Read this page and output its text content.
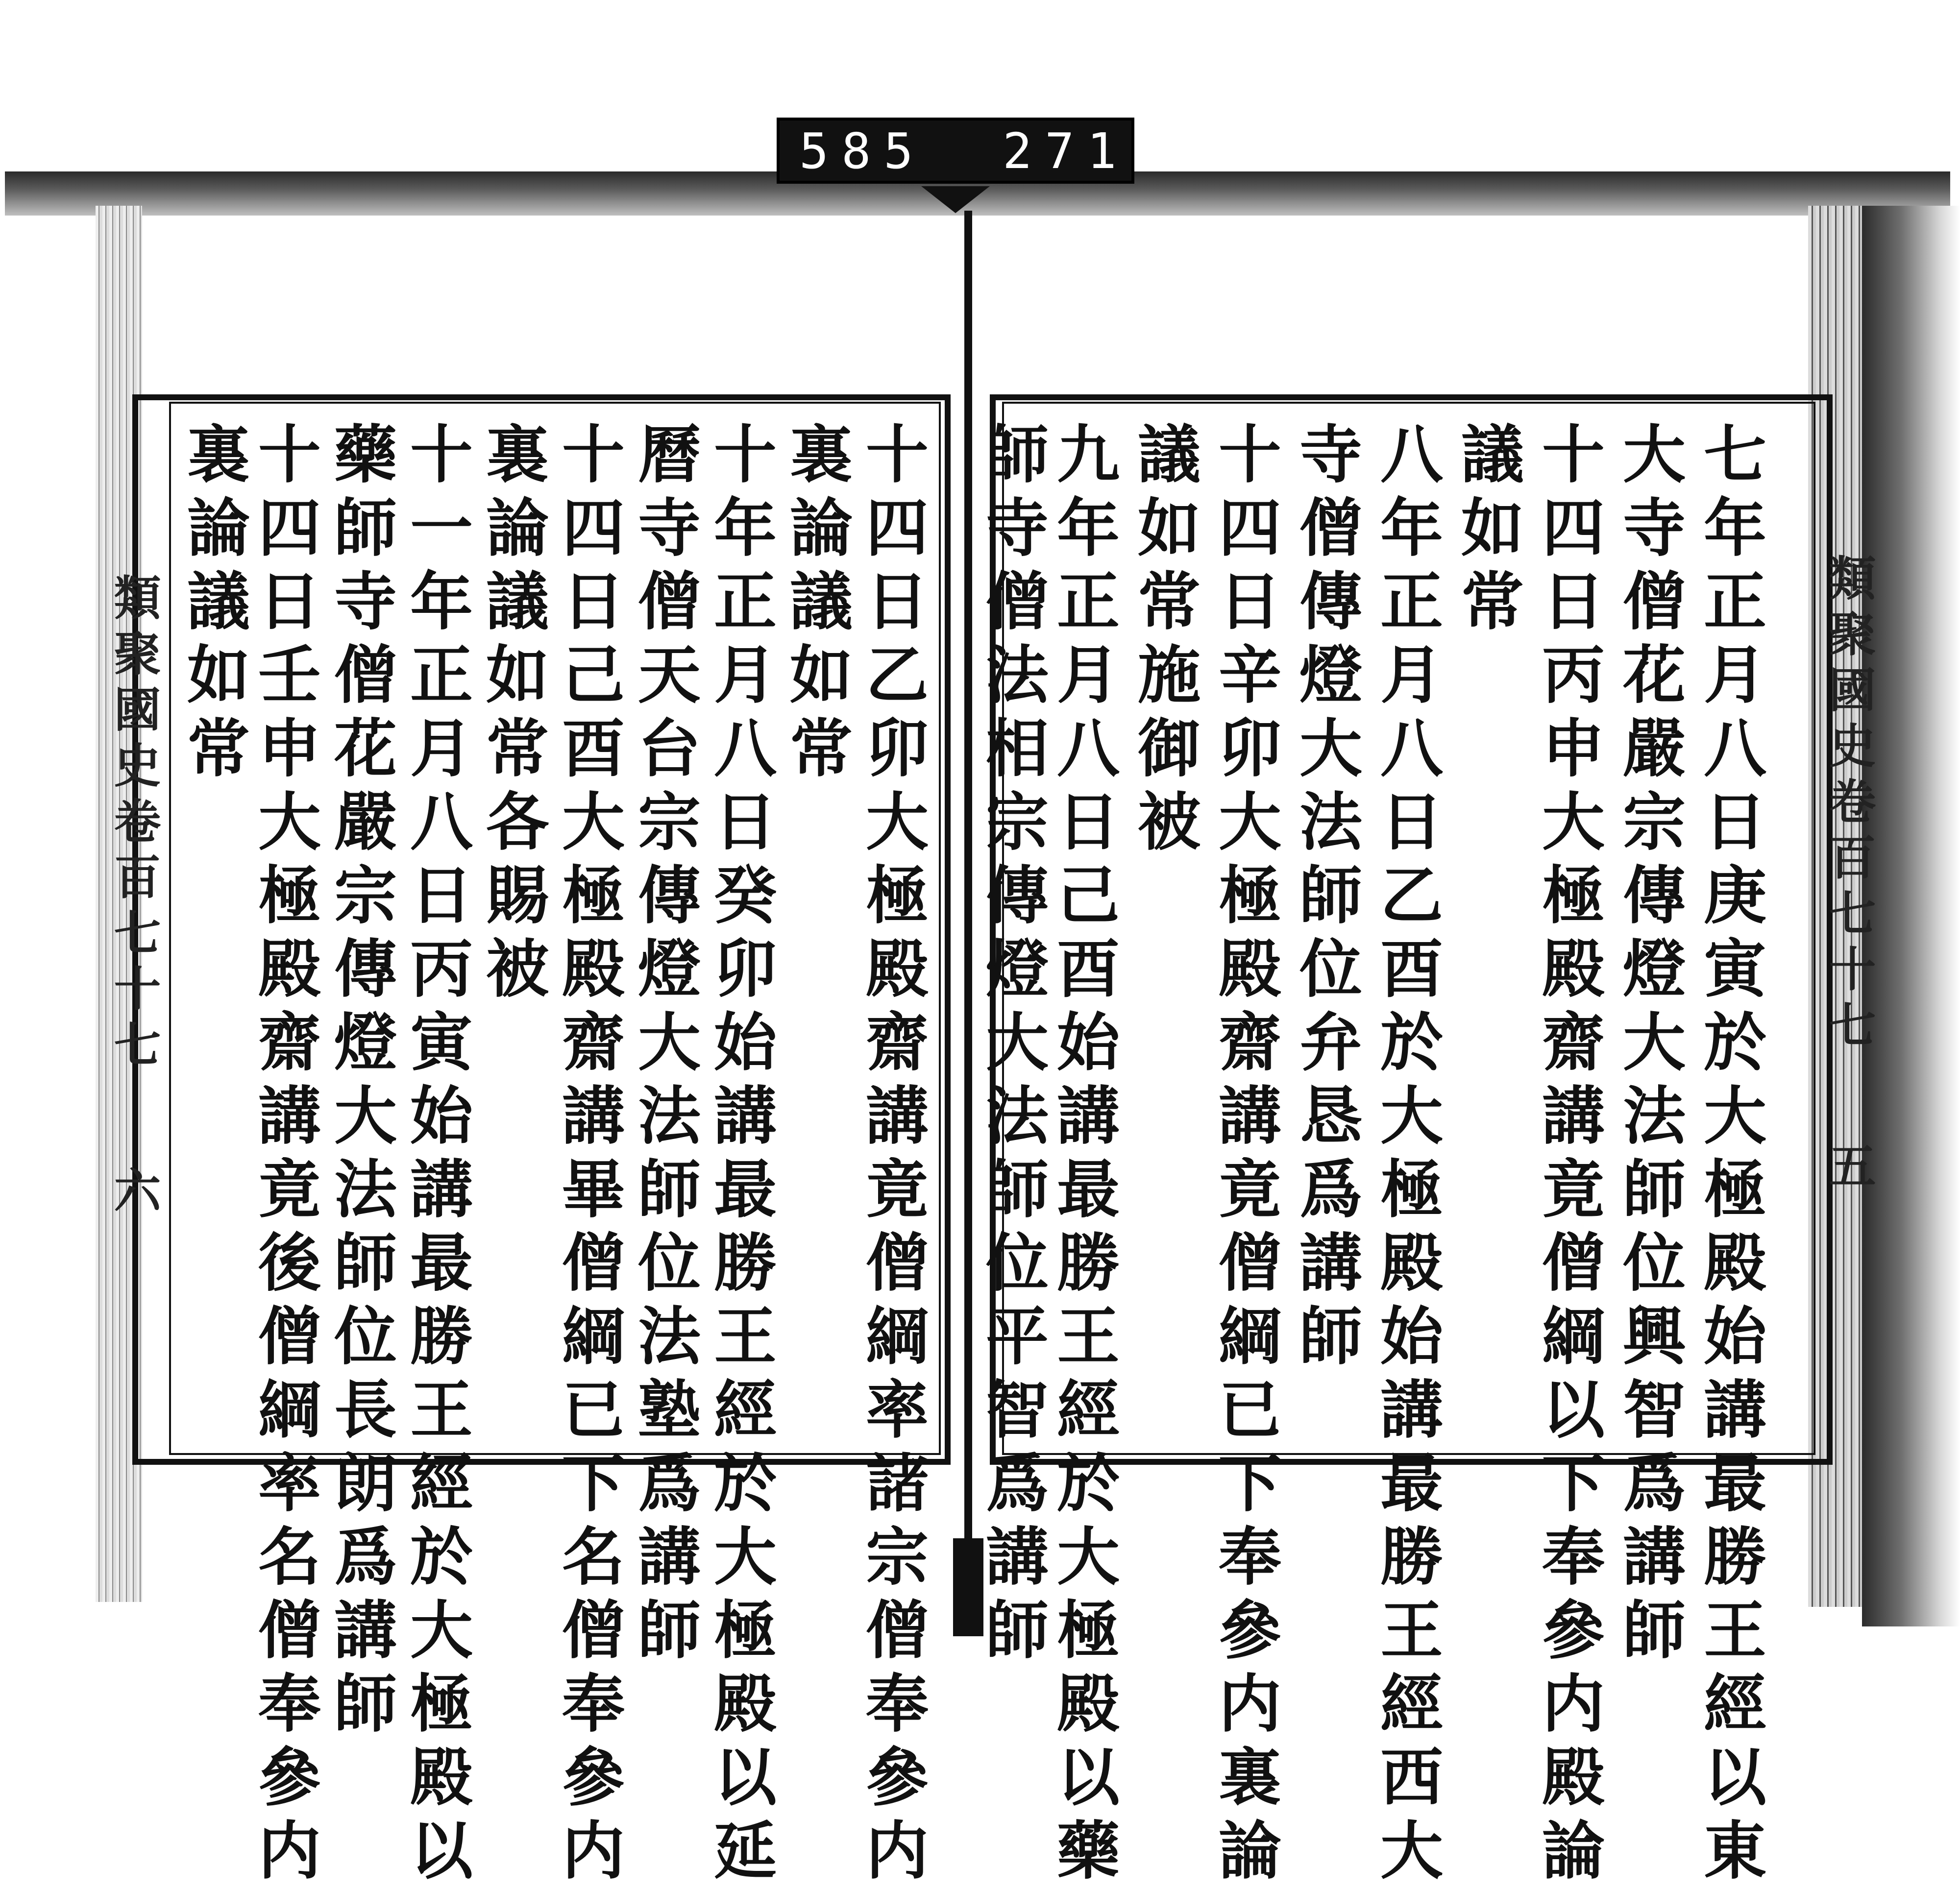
585 271
類聚國史卷百七十七
五
類聚國史卷百七十七
六	七年正月八日庚寅於大極殿始講最勝王經以東
大寺僧花嚴宗傳燈大法師位興智爲講師
十四日丙申大極殿齋講竟僧綱以下奉參内殿論
議如常
八年正月八日乙酉於大極殿始講最勝王經西大
寺僧傳燈大法師位弁恳爲講師
十四日辛卯大極殿齋講竟僧綱已下奉參内裏論
議如常施御被
九年正月八日己酉始講最勝王經於大極殿以藥
師寺僧法相宗傳燈大法師位平智爲講師
十四日乙卯大極殿齋講竟僧綱率諸宗僧奉參内
裏論議如常
十年正月八日癸卯始講最勝王經於大極殿以延
曆寺僧天台宗傳燈大法師位法塾爲講師
十四日己酉大極殿齋講畢僧綱已下名僧奉參内
裏論議如常各賜被
十一年正月八日丙寅始講最勝王經於大極殿以
藥師寺僧花嚴宗傳燈大法師位長朗爲講師
十四日壬申大極殿齋講竟後僧綱率名僧奉參内
裏論議如常
